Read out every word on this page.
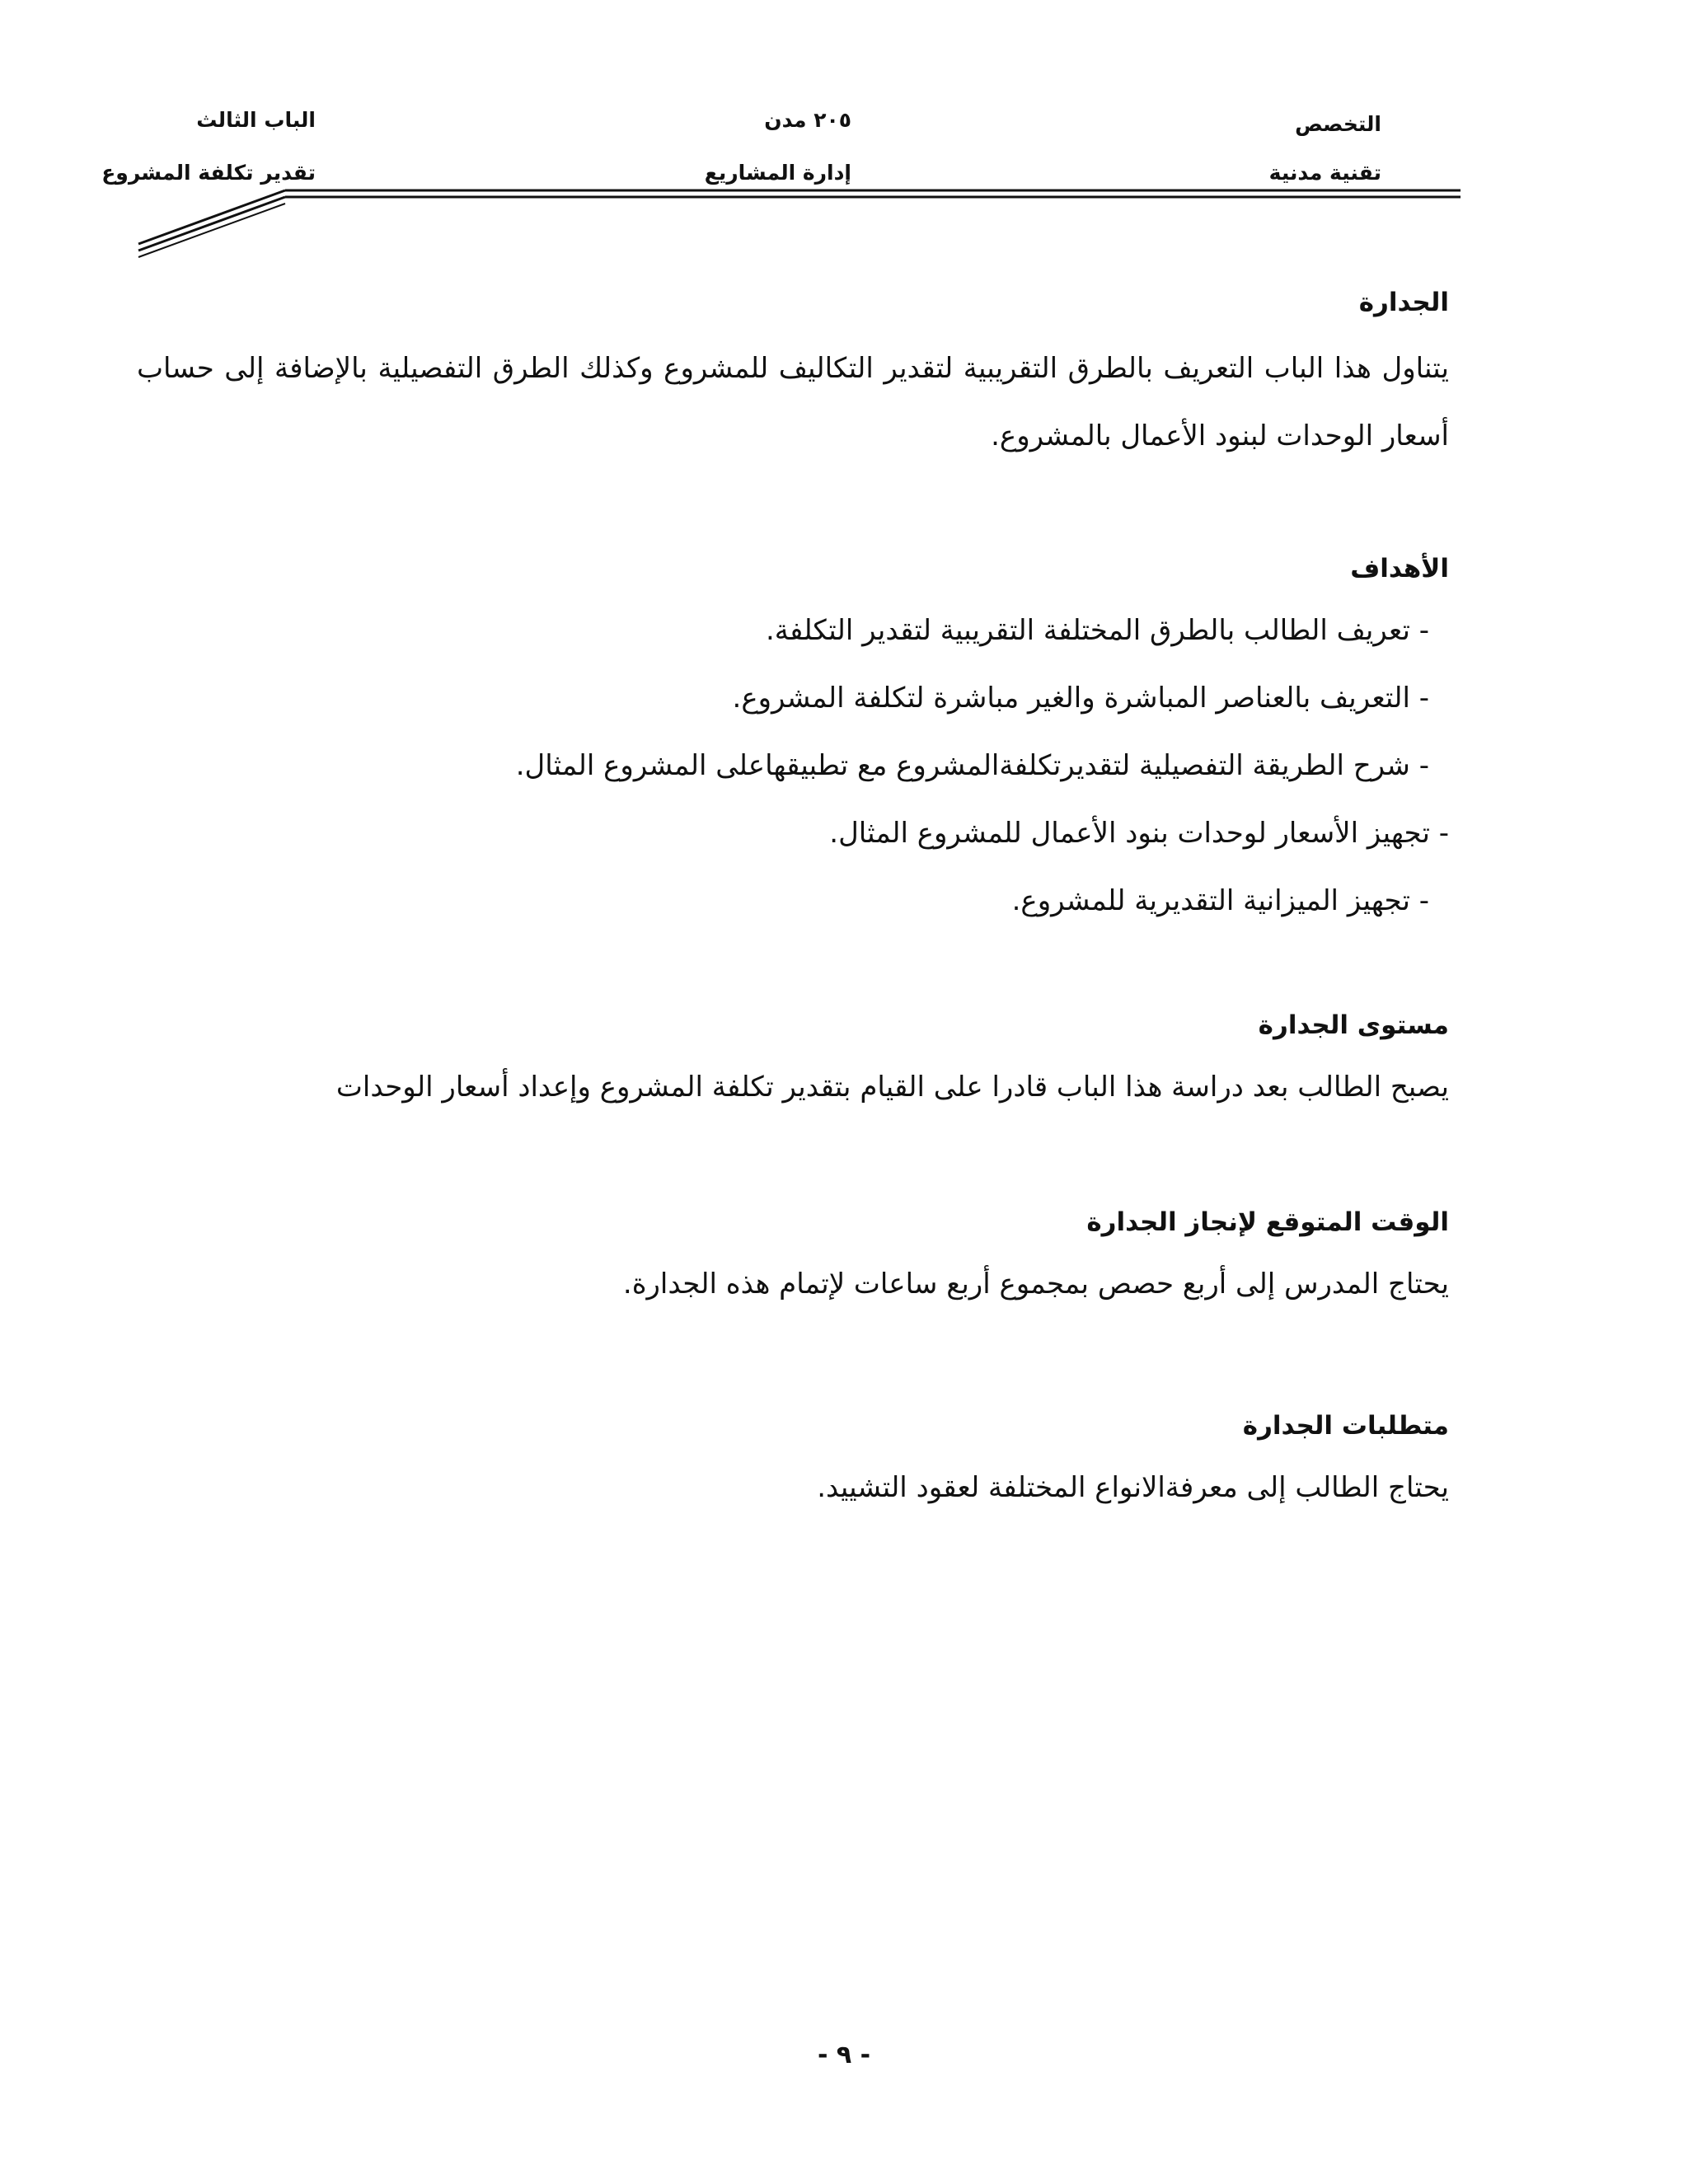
التخصص
تقنية مدنية
٢٠٥ مدن
إدارة المشاريع
الباب الثالث
تقدير تكلفة المشروع
الجدارة

يتناول هذا الباب التعريف بالطرق التقريبية لتقدير التكاليف للمشروع وكذلك الطرق التفصيلية بالإضافة إلى حساب أسعار الوحدات لبنود الأعمال بالمشروع.

الأهداف
- تعريف الطالب بالطرق المختلفة التقريبية لتقدير التكلفة.
- التعريف بالعناصر المباشرة والغير مباشرة لتكلفة المشروع.
- شرح الطريقة التفصيلية لتقديرتكلفةالمشروع مع تطبيقهاعلى المشروع المثال.
- تجهيز الأسعار لوحدات بنود الأعمال للمشروع المثال.
- تجهيز الميزانية التقديرية للمشروع.
مستوى الجدارة

يصبح الطالب بعد دراسة هذا الباب قادرا على القيام بتقدير تكلفة المشروع وإعداد أسعار الوحدات

الوقت المتوقع لإنجاز الجدارة

يحتاج المدرس إلى أربع حصص بمجموع أربع ساعات لإتمام هذه الجدارة.

متطلبات الجدارة

يحتاج الطالب إلى معرفةالانواع المختلفة لعقود التشييد.

- ٩ -
